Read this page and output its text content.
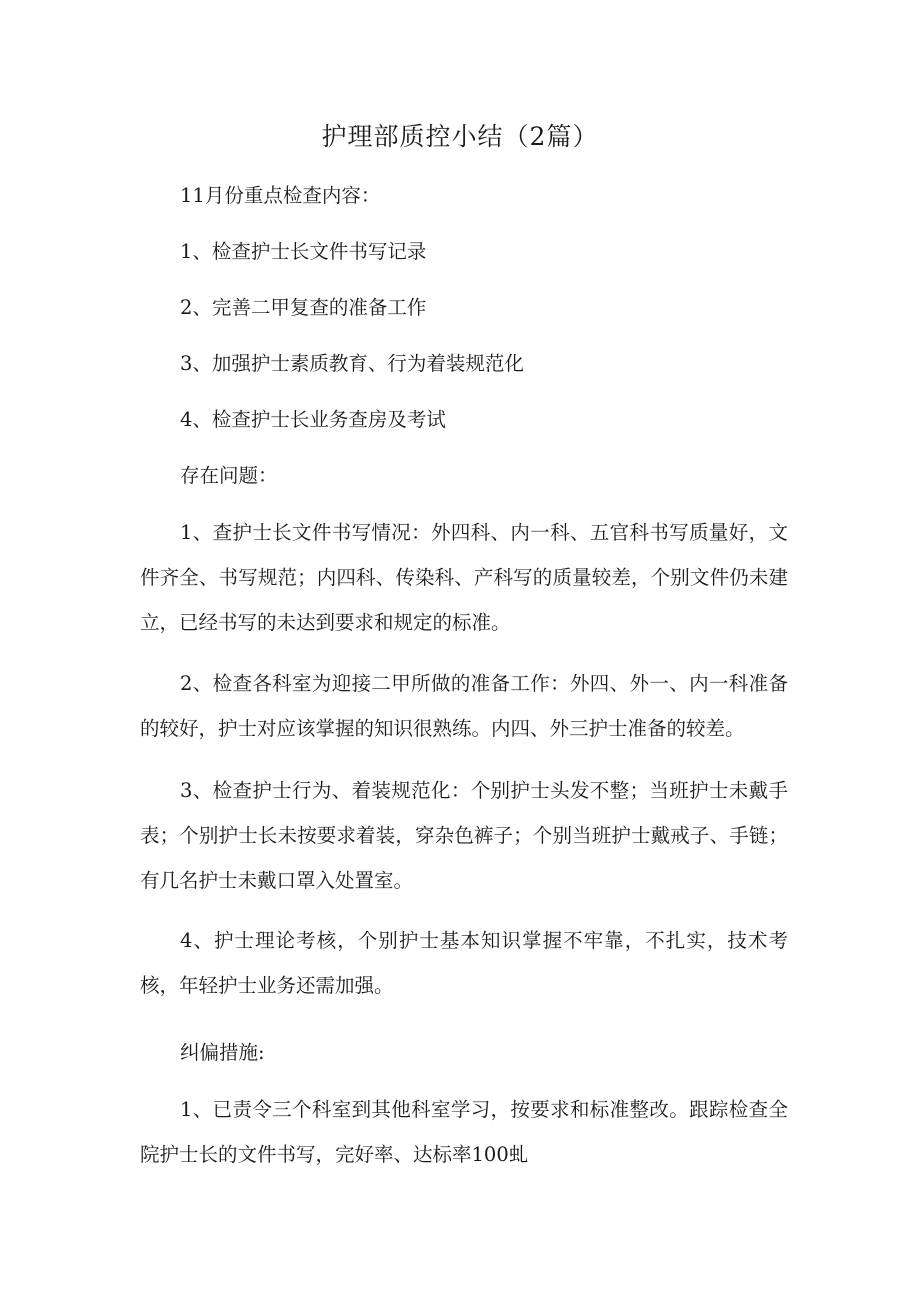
护理部质控小结（2篇）
11月份重点检查内容：
1、检查护士长文件书写记录
2、完善二甲复查的准备工作
3、加强护士素质教育、行为着装规范化
4、检查护士长业务查房及考试
存在问题：
1、查护士长文件书写情况：外四科、内一科、五官科书写质量好，文件齐全、书写规范；内四科、传染科、产科写的质量较差，个别文件仍未建立，已经书写的未达到要求和规定的标准。
2、检查各科室为迎接二甲所做的准备工作：外四、外一、内一科准备的较好，护士对应该掌握的知识很熟练。内四、外三护士准备的较差。
3、检查护士行为、着装规范化：个别护士头发不整；当班护士未戴手表；个别护士长未按要求着装，穿杂色裤子；个别当班护士戴戒子、手链；有几名护士未戴口罩入处置室。
4、护士理论考核，个别护士基本知识掌握不牢靠，不扎实，技术考核，年轻护士业务还需加强。
纠偏措施:
1、已责令三个科室到其他科室学习，按要求和标准整改。跟踪检查全院护士长的文件书写，完好率、达标率100虬
